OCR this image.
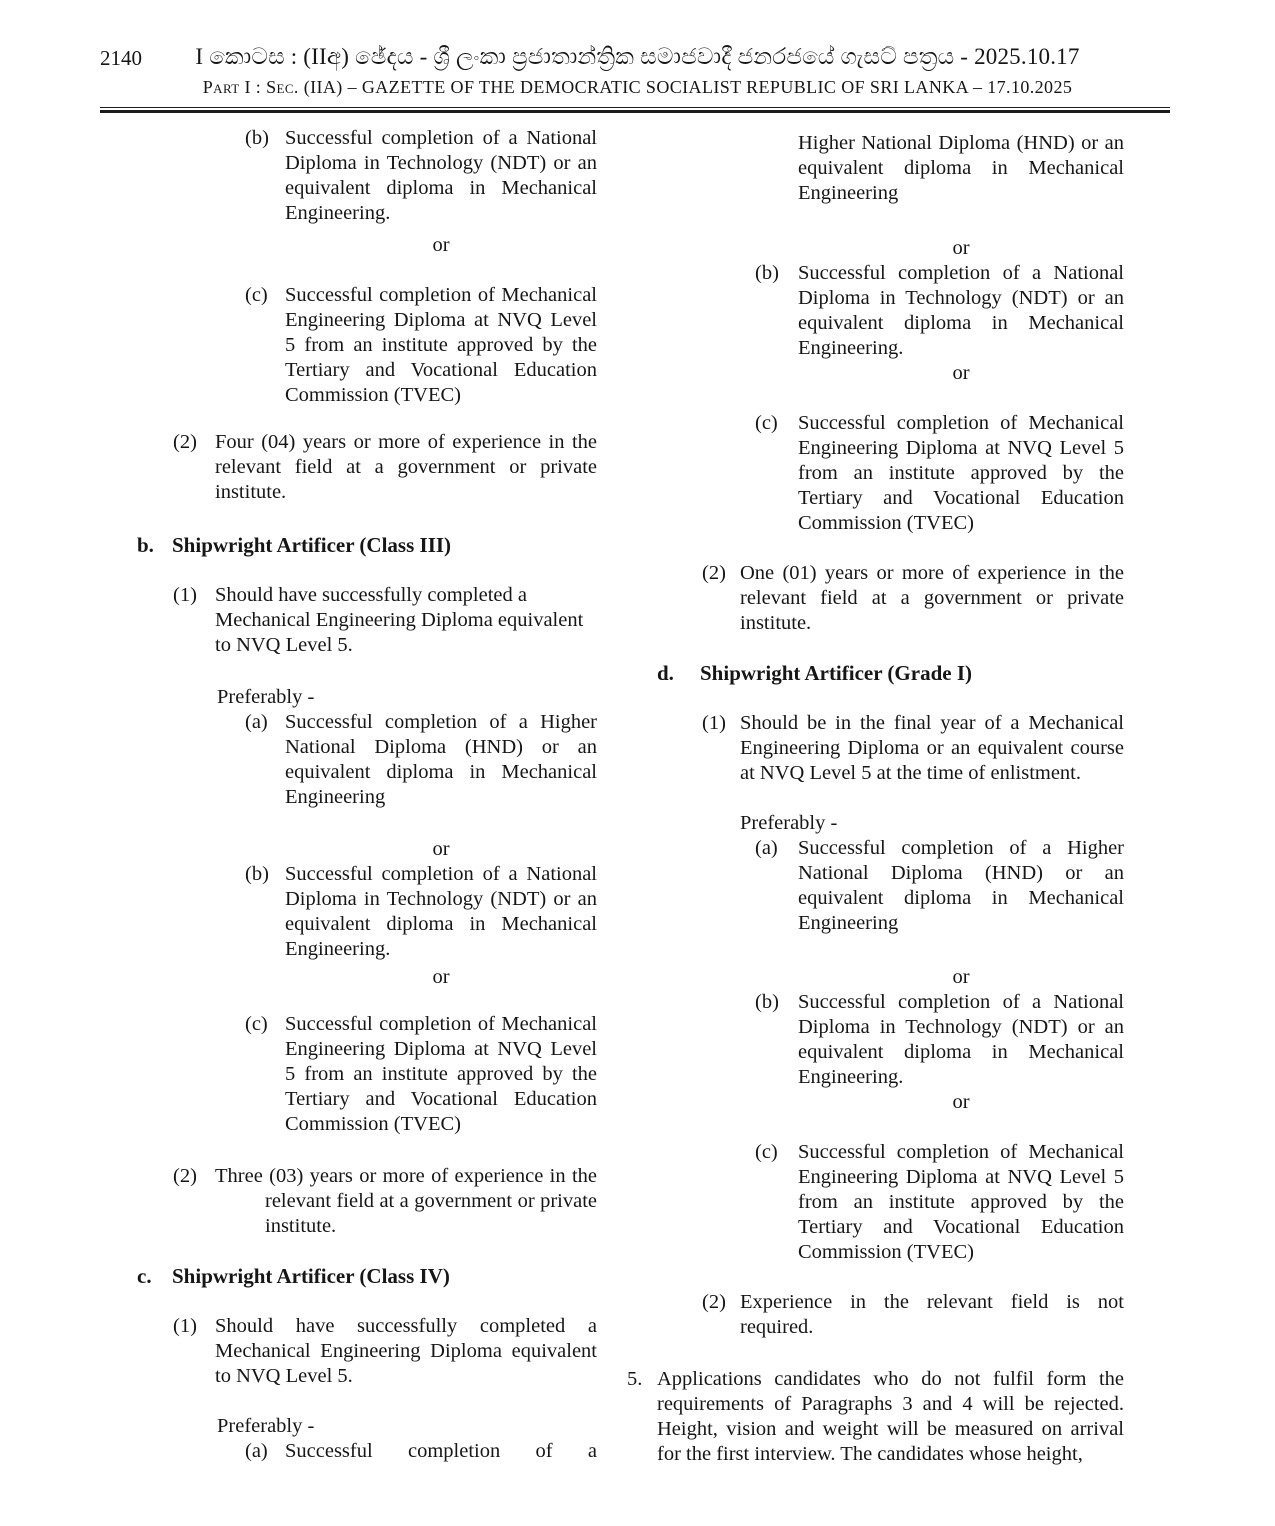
2140	I කොටස : (IIඅ) ඡේදය - ශ්‍රී ලංකා ප්‍රජාතාන්ත්‍රික සමාජවාදී ජනරජයේ ගැසට් පත්‍රය - 2025.10.17
Part I : Sec. (IIA) – GAZETTE OF THE DEMOCRATIC SOCIALIST REPUBLIC OF SRI LANKA – 17.10.2025
(b) Successful completion of a National Diploma in Technology (NDT) or an equivalent diploma in Mechanical Engineering.
or
(c) Successful completion of Mechanical Engineering Diploma at NVQ Level 5 from an institute approved by the Tertiary and Vocational Education Commission (TVEC)
(2) Four (04) years or more of experience in the relevant field at a government or private institute.
b. Shipwright Artificer (Class III)
(1) Should have successfully completed a Mechanical Engineering Diploma equivalent to NVQ Level 5.
Preferably -
(a) Successful completion of a Higher National Diploma (HND) or an equivalent diploma in Mechanical Engineering
or
(b) Successful completion of a National Diploma in Technology (NDT) or an equivalent diploma in Mechanical Engineering.
or
(c) Successful completion of Mechanical Engineering Diploma at NVQ Level 5 from an institute approved by the Tertiary and Vocational Education Commission (TVEC)
(2) Three (03) years or more of experience in the relevant field at a government or private institute.
c. Shipwright Artificer (Class IV)
(1) Should have successfully completed a Mechanical Engineering Diploma equivalent to NVQ Level 5.
Preferably -
(a) Successful completion of a
Higher National Diploma (HND) or an equivalent diploma in Mechanical Engineering
or
(b) Successful completion of a National Diploma in Technology (NDT) or an equivalent diploma in Mechanical Engineering.
or
(c) Successful completion of Mechanical Engineering Diploma at NVQ Level 5 from an institute approved by the Tertiary and Vocational Education Commission (TVEC)
(2) One (01) years or more of experience in the relevant field at a government or private institute.
d.	Shipwright Artificer (Grade I)
(1) Should be in the final year of a Mechanical Engineering Diploma or an equivalent course at NVQ Level 5 at the time of enlistment.
Preferably -
(a) Successful completion of a Higher National Diploma (HND) or an equivalent diploma in Mechanical Engineering
or
(b) Successful completion of a National Diploma in Technology (NDT) or an equivalent diploma in Mechanical Engineering.
or
(c) Successful completion of Mechanical Engineering Diploma at NVQ Level 5 from an institute approved by the Tertiary and Vocational Education Commission (TVEC)
(2) Experience in the relevant field is not required.
5. Applications candidates who do not fulfil form the requirements of Paragraphs 3 and 4 will be rejected. Height, vision and weight will be measured on arrival for the first interview. The candidates whose height,
